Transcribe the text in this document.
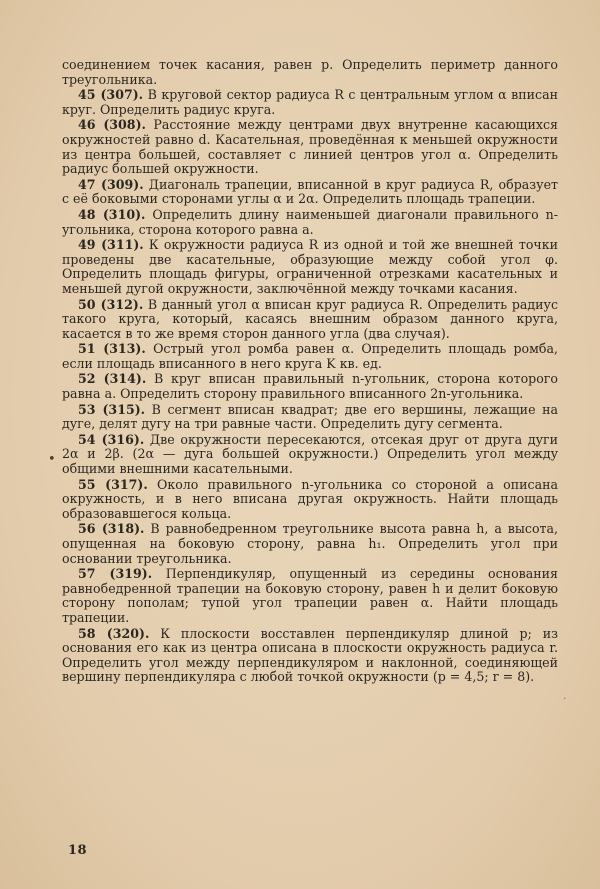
соединением точек касания, равен p. Определить периметр данного треугольника.

45 (307). В круговой сектор радиуса R с центральным углом α вписан круг. Определить радиус круга.

46 (308). Расстояние между центрами двух внутренне касающихся окружностей равно d. Касательная, проведённая к меньшей окружности из центра большей, составляет с линией центров угол α. Определить радиус большей окружности.

47 (309). Диагональ трапеции, вписанной в круг радиуса R, образует с её боковыми сторонами углы α и 2α. Определить площадь трапеции.

48 (310). Определить длину наименьшей диагонали правильного n-угольника, сторона которого равна a.

49 (311). К окружности радиуса R из одной и той же внешней точки проведены две касательные, образующие между собой угол φ. Определить площадь фигуры, ограниченной отрезками касательных и меньшей дугой окружности, заключённой между точками касания.

50 (312). В данный угол α вписан круг радиуса R. Определить радиус такого круга, который, касаясь внешним образом данного круга, касается в то же время сторон данного угла (два случая).

51 (313). Острый угол ромба равен α. Определить площадь ромба, если площадь вписанного в него круга K кв. ед.

52 (314). В круг вписан правильный n-угольник, сторона которого равна a. Определить сторону правильного вписанного 2n-угольника.

53 (315). В сегмент вписан квадрат; две его вершины, лежащие на дуге, делят дугу на три равные части. Определить дугу сегмента.

54 (316). Две окружности пересекаются, отсекая друг от друга дуги 2α и 2β. (2α — дуга большей окружности.) Определить угол между общими внешними касательными.

55 (317). Около правильного n-угольника со стороной a описана окружность, и в него вписана другая окружность. Найти площадь образовавшегося кольца.

56 (318). В равнобедренном треугольнике высота равна h, а высота, опущенная на боковую сторону, равна h₁. Определить угол при основании треугольника.

57 (319). Перпендикуляр, опущенный из середины основания равнобедренной трапеции на боковую сторону, равен h и делит боковую сторону пополам; тупой угол трапеции равен α. Найти площадь трапеции.

58 (320). К плоскости восставлен перпендикуляр длиной p; из основания его как из центра описана в плоскости окружность радиуса r. Определить угол между перпендикуляром и наклонной, соединяющей вершину перпендикуляра с любой точкой окружности (p = 4,5; r = 8).

•
·
18
